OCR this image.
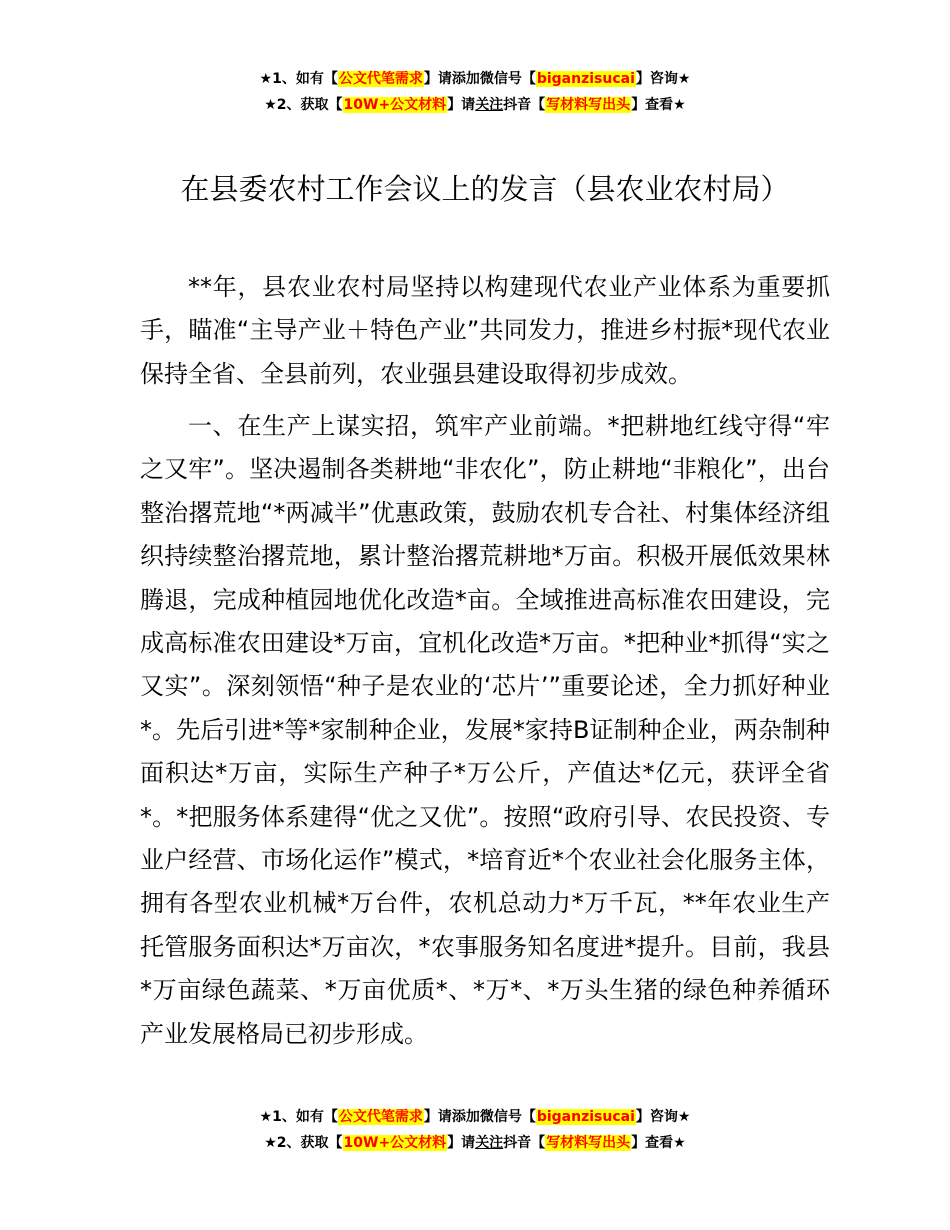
★1、如有【公文代笔需求】请添加微信号【biganzisucai】咨询★
★2、获取【10W+公文材料】请关注抖音【写材料写出头】查看★
在县委农村工作会议上的发言（县农业农村局）

**年，县农业农村局坚持以构建现代农业产业体系为重要抓手，瞄准“主导产业＋特色产业”共同发力，推进乡村振*现代农业保持全省、全县前列，农业强县建设取得初步成效。

一、在生产上谋实招，筑牢产业前端。*把耕地红线守得“牢之又牢”。坚决遏制各类耕地“非农化”，防止耕地“非粮化”，出台整治撂荒地“*两减半”优惠政策，鼓励农机专合社、村集体经济组织持续整治撂荒地，累计整治撂荒耕地*万亩。积极开展低效果林腾退，完成种植园地优化改造*亩。全域推进高标准农田建设，完成高标准农田建设*万亩，宜机化改造*万亩。*把种业*抓得“实之又实”。深刻领悟“种子是农业的‘芯片’”重要论述，全力抓好种业*。先后引进*等*家制种企业，发展*家持B证制种企业，两杂制种面积达*万亩，实际生产种子*万公斤，产值达*亿元，获评全省*。*把服务体系建得“优之又优”。按照“政府引导、农民投资、专业户经营、市场化运作”模式，*培育近*个农业社会化服务主体，拥有各型农业机械*万台件，农机总动力*万千瓦，**年农业生产托管服务面积达*万亩次，*农事服务知名度进*提升。目前，我县*万亩绿色蔬菜、*万亩优质*、*万*、*万头生猪的绿色种养循环产业发展格局已初步形成。

★1、如有【公文代笔需求】请添加微信号【biganzisucai】咨询★
★2、获取【10W+公文材料】请关注抖音【写材料写出头】查看★
